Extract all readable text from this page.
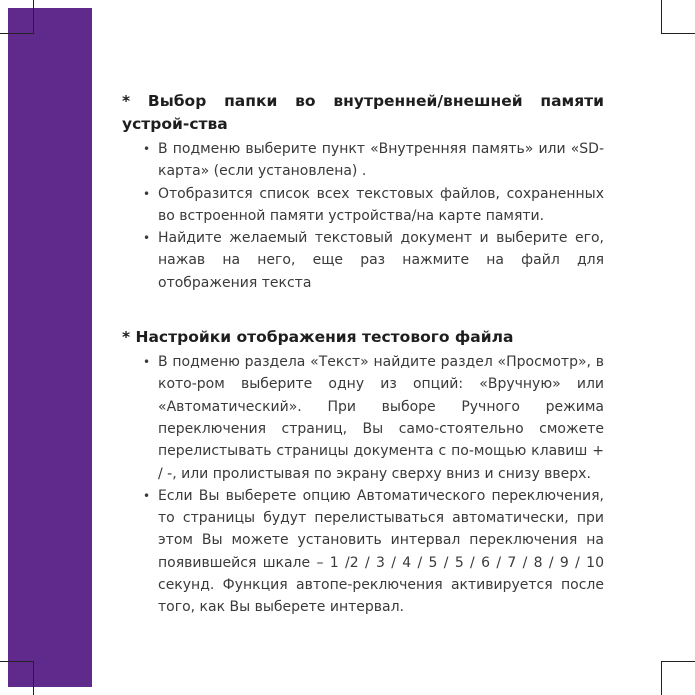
* Выбор папки во внутренней/внешней памяти устрой-ства

• В подменю выберите пункт «Внутренняя память» или «SD-карта» (если установлена) .
• Отобразится список всех текстовых файлов, сохраненных во встроенной памяти устройства/на карте памяти.
• Найдите желаемый текстовый документ и выберите его, нажав на него, еще раз нажмите на файл для отображения текста

* Настройки отображения тестового файла

• В подменю раздела «Текст» найдите раздел «Просмотр», в кото-ром выберите одну из опций: «Вручную» или «Автоматический». При выборе Ручного режима переключения страниц, Вы само-стоятельно сможете перелистывать страницы документа с по-мощью клавиш + / -, или пролистывая по экрану сверху вниз и снизу вверх.
• Если Вы выберете опцию Автоматического переключения, то страницы будут перелистываться автоматически, при этом Вы можете установить интервал переключения на появившейся шкале – 1 /2 / 3 / 4 / 5 / 5 / 6 / 7 / 8 / 9 / 10 секунд. Функция автопе-реключения активируется после того, как Вы выберете интервал.
